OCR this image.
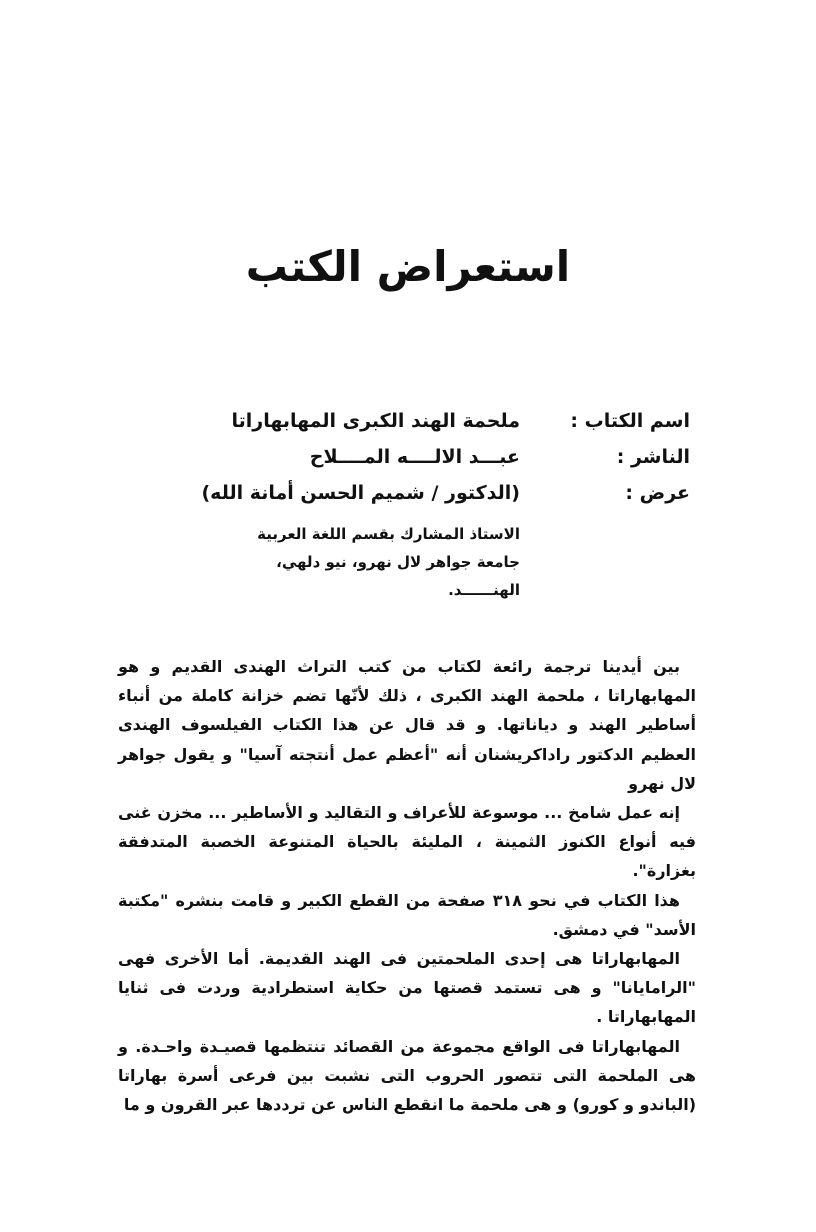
استعراض الكتب
اسم الكتاب :
ملحمة الهند الكبرى المهابهاراتا
الناشر :
عبـــد الالــــه المــــلاح
عرض :
(الدكتور / شميم الحسن أمانة الله)
الاستاذ المشارك بقسم اللغة العربية
جامعة جواهر لال نهرو، نيو دلهي،
الهنــــــد.

بين أيدينا ترجمة رائعة لكتاب من كتب التراث الهندى القديم و هو المهابهاراتا ، ملحمة الهند الكبرى ، ذلك لأنّها تضم خزانة كاملة من أنباء أساطير الهند و دياناتها. و قد قال عن هذا الكتاب الفيلسوف الهندى العظيم الدكتور راداكريشنان أنه "أعظم عمل أنتجته آسيا" و يقول جواهر لال نهرو

إنه عمل شامخ ... موسوعة للأعراف و التقاليد و الأساطير ... مخزن غنى فيه أنواع الكنوز الثمينة ، المليئة بالحياة المتنوعة الخصبة المتدفقة بغزارة".

هذا الكتاب في نحو ٣١٨ صفحة من القطع الكبير و قامت بنشره "مكتبة الأسد" في دمشق.

المهابهاراتا هى إحدى الملحمتين فى الهند القديمة. أما الأخرى فهى "الرامايانا" و هى تستمد قصتها من حكاية استطرادية وردت فى ثنايا المهابهاراتا .

المهابهاراتا فى الواقع مجموعة من القصائد تنتظمها قصيـدة واحـدة. و هى الملحمة التى تتصور الحروب التى نشبت بين فرعى أسرة بهاراتا (الباندو و كورو) و هى ملحمة ما انقطع الناس عن ترددها عبر القرون و ما
